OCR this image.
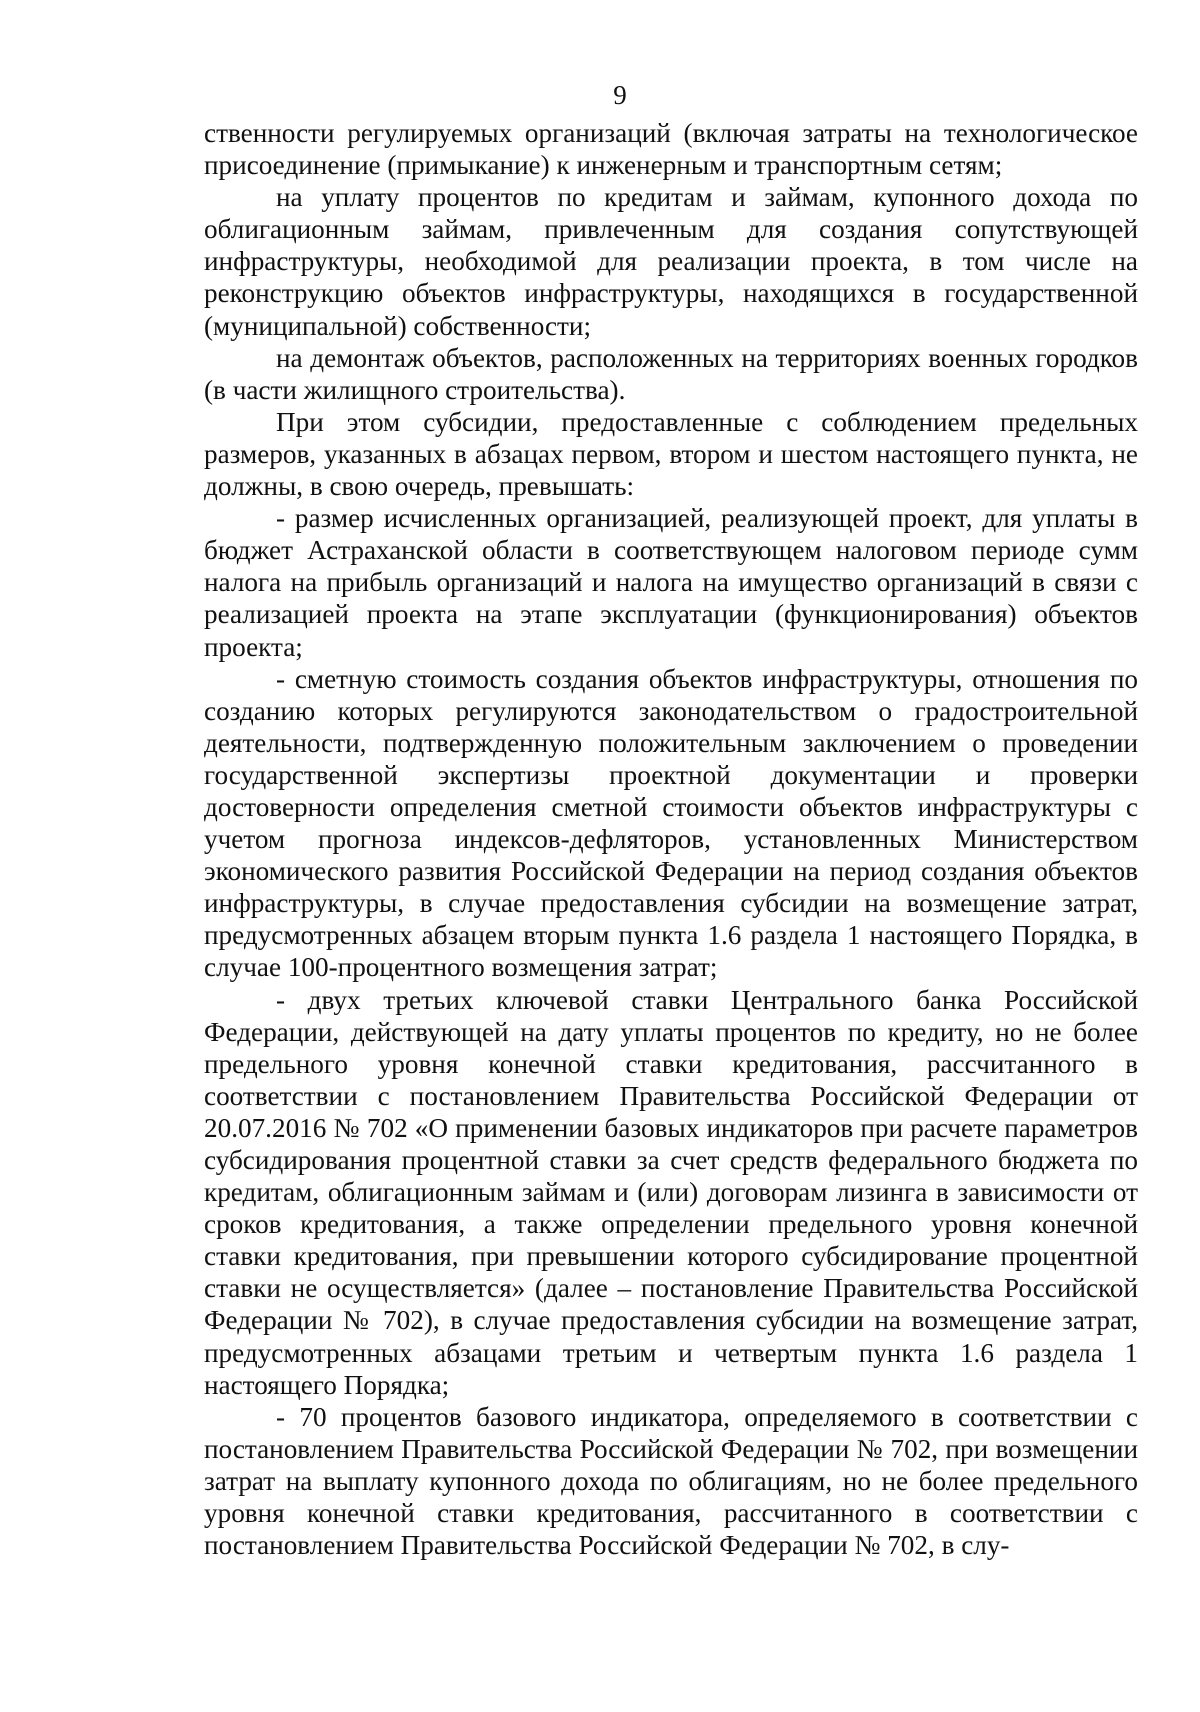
9

ственности регулируемых организаций (включая затраты на технологическое присоединение (примыкание) к инженерным и транспортным сетям;

на уплату процентов по кредитам и займам, купонного дохода по облигационным займам, привлеченным для создания сопутствующей инфраструктуры, необходимой для реализации проекта, в том числе на реконструкцию объектов инфраструктуры, находящихся в государственной (муниципальной) собственности;

на демонтаж объектов, расположенных на территориях военных городков (в части жилищного строительства).

При этом субсидии, предоставленные с соблюдением предельных размеров, указанных в абзацах первом, втором и шестом настоящего пункта, не должны, в свою очередь, превышать:

- размер исчисленных организацией, реализующей проект, для уплаты в бюджет Астраханской области в соответствующем налоговом периоде сумм налога на прибыль организаций и налога на имущество организаций в связи с реализацией проекта на этапе эксплуатации (функционирования) объектов проекта;

- сметную стоимость создания объектов инфраструктуры, отношения по созданию которых регулируются законодательством о градостроительной деятельности, подтвержденную положительным заключением о проведении государственной экспертизы проектной документации и проверки достоверности определения сметной стоимости объектов инфраструктуры с учетом прогноза индексов-дефляторов, установленных Министерством экономического развития Российской Федерации на период создания объектов инфраструктуры, в случае предоставления субсидии на возмещение затрат, предусмотренных абзацем вторым пункта 1.6 раздела 1 настоящего Порядка, в случае 100-процентного возмещения затрат;

- двух третьих ключевой ставки Центрального банка Российской Федерации, действующей на дату уплаты процентов по кредиту, но не более предельного уровня конечной ставки кредитования, рассчитанного в соответствии с постановлением Правительства Российской Федерации от 20.07.2016 № 702 «О применении базовых индикаторов при расчете параметров субсидирования процентной ставки за счет средств федерального бюджета по кредитам, облигационным займам и (или) договорам лизинга в зависимости от сроков кредитования, а также определении предельного уровня конечной ставки кредитования, при превышении которого субсидирование процентной ставки не осуществляется» (далее – постановление Правительства Российской Федерации № 702), в случае предоставления субсидии на возмещение затрат, предусмотренных абзацами третьим и четвертым пункта 1.6 раздела 1 настоящего Порядка;

- 70 процентов базового индикатора, определяемого в соответствии с постановлением Правительства Российской Федерации № 702, при возмещении затрат на выплату купонного дохода по облигациям, но не более предельного уровня конечной ставки кредитования, рассчитанного в соответствии с постановлением Правительства Российской Федерации № 702, в слу-
